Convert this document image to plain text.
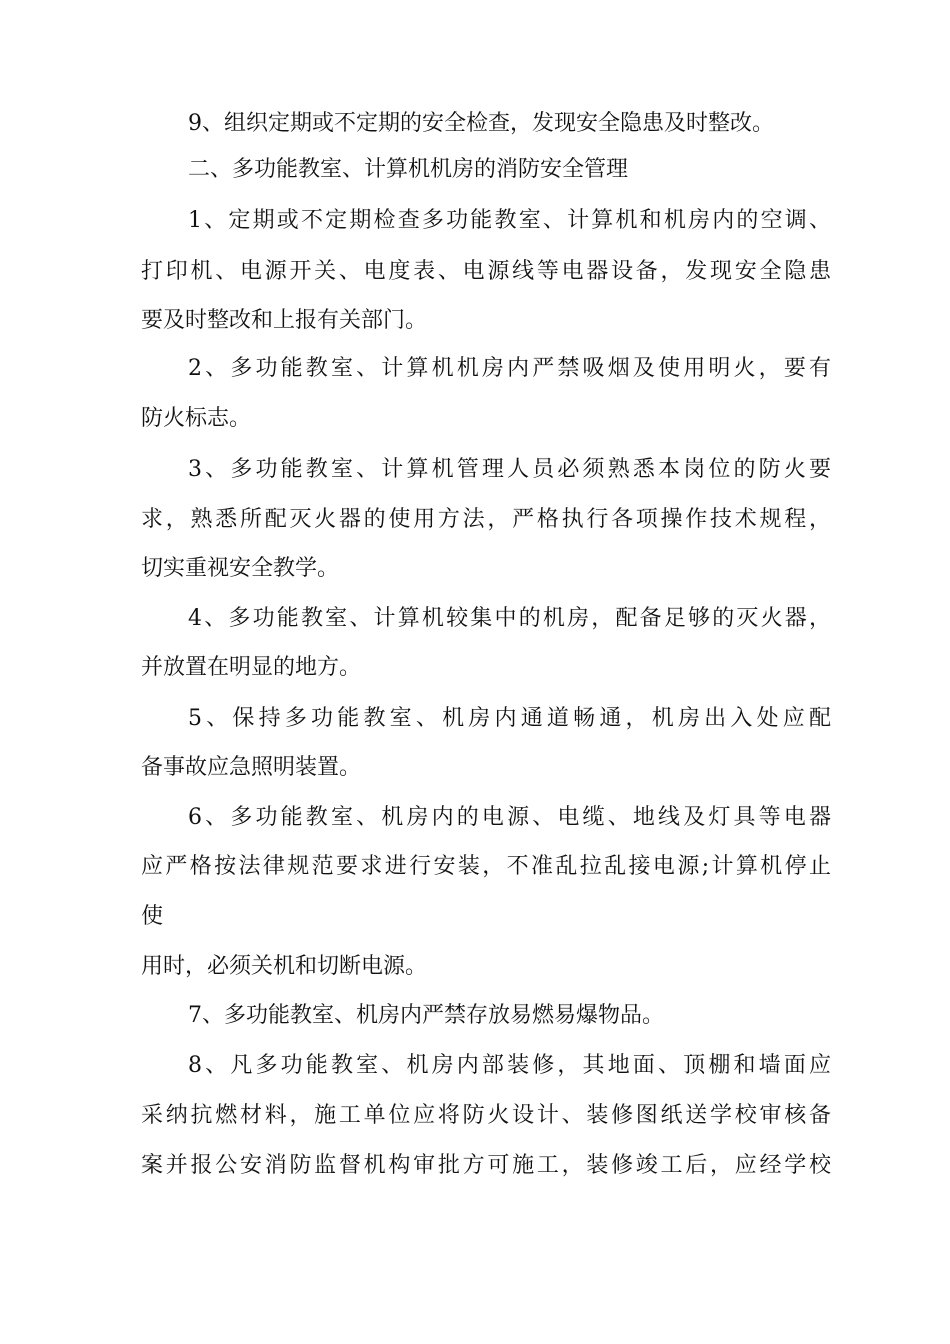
9、组织定期或不定期的安全检查，发现安全隐患及时整改。
二、多功能教室、计算机机房的消防安全管理
1、定期或不定期检查多功能教室、计算机和机房内的空调、
打印机、电源开关、电度表、电源线等电器设备，发现安全隐患
要及时整改和上报有关部门。
2、多功能教室、计算机机房内严禁吸烟及使用明火，要有
防火标志。
3、多功能教室、计算机管理人员必须熟悉本岗位的防火要
求，熟悉所配灭火器的使用方法，严格执行各项操作技术规程，
切实重视安全教学。
4、多功能教室、计算机较集中的机房，配备足够的灭火器，
并放置在明显的地方。
5、保持多功能教室、机房内通道畅通，机房出入处应配
备事故应急照明装置。
6、多功能教室、机房内的电源、电缆、地线及灯具等电器
应严格按法律规范要求进行安装，不准乱拉乱接电源;计算机停止
使
用时，必须关机和切断电源。
7、多功能教室、机房内严禁存放易燃易爆物品。
8、凡多功能教室、机房内部装修，其地面、顶棚和墙面应
采纳抗燃材料，施工单位应将防火设计、装修图纸送学校审核备
案并报公安消防监督机构审批方可施工，装修竣工后，应经学校
